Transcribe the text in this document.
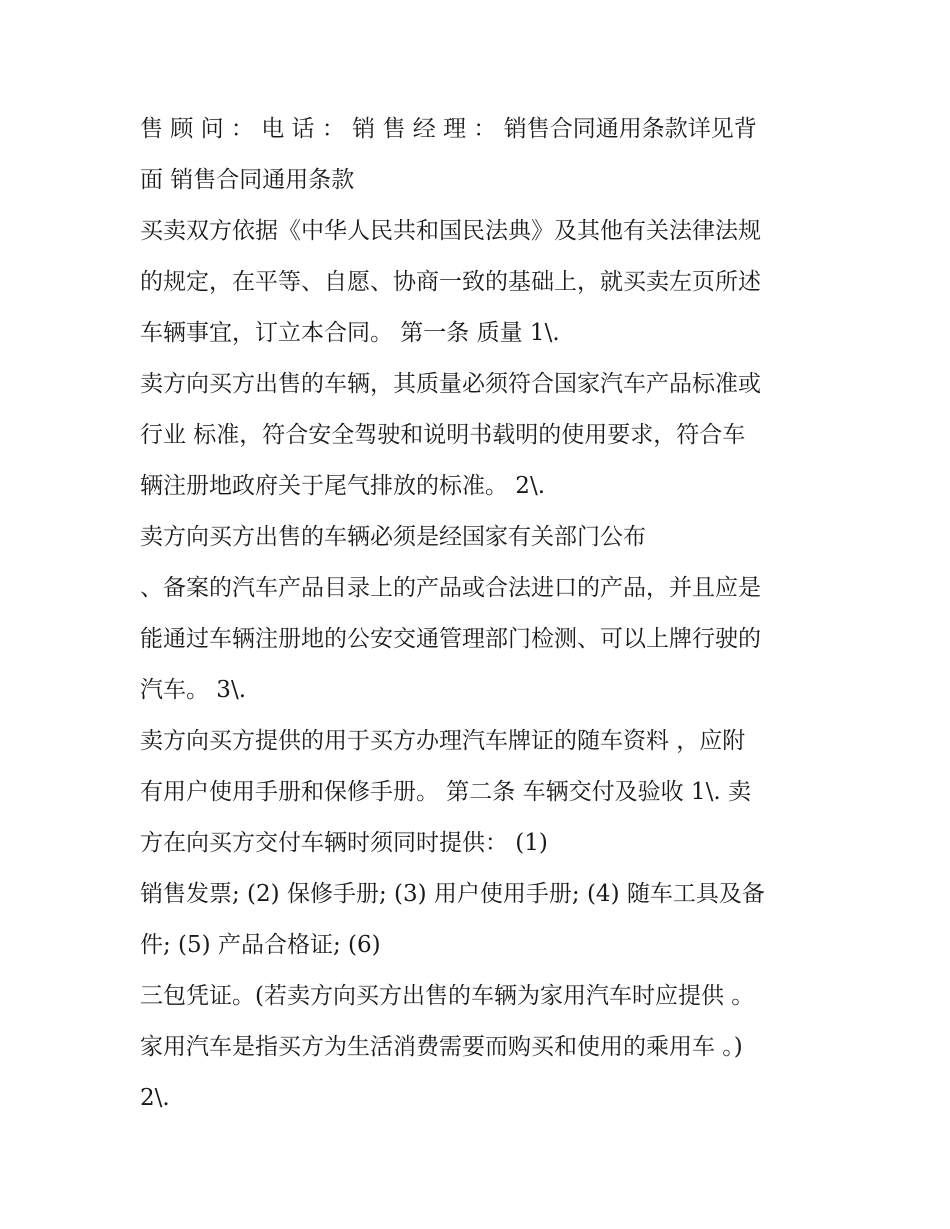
售 顾 问 ： 电 话 ： 销 售 经 理 ： 销售合同通用条款详见背
面 销售合同通用条款
买卖双方依据《中华人民共和国民法典》及其他有关法律法规
的规定，在平等、自愿、协商一致的基础上，就买卖左页所述
车辆事宜，订立本合同。 第一条 质量 1\.
卖方向买方出售的车辆，其质量必须符合国家汽车产品标准或
行业 标准，符合安全驾驶和说明书载明的使用要求，符合车
辆注册地政府关于尾气排放的标准。 2\.
卖方向买方出售的车辆必须是经国家有关部门公布
、备案的汽车产品目录上的产品或合法进口的产品，并且应是
能通过车辆注册地的公安交通管理部门检测、可以上牌行驶的
汽车。 3\.
卖方向买方提供的用于买方办理汽车牌证的随车资料 ，应附
有用户使用手册和保修手册。 第二条 车辆交付及验收 1\. 卖
方在向买方交付车辆时须同时提供： (1)
销售发票; (2) 保修手册; (3) 用户使用手册; (4) 随车工具及备
件; (5) 产品合格证; (6)
三包凭证。(若卖方向买方出售的车辆为家用汽车时应提供 。
家用汽车是指买方为生活消费需要而购买和使用的乘用车 。)
2\.
